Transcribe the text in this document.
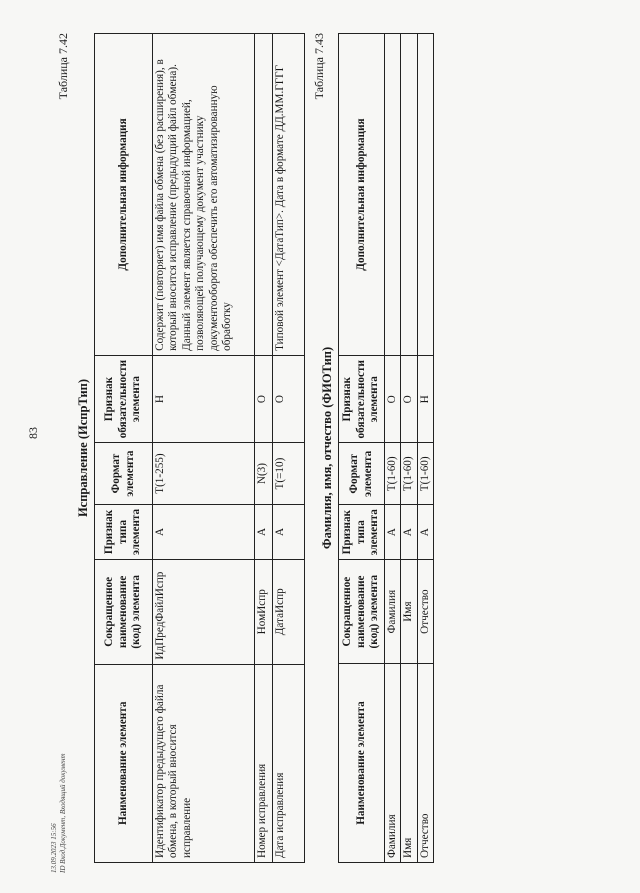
13.09.2023 15:56 ID Вход.Документ, Входящий документ
83
Таблица 7.42
Исправление (ИспрТип)
Наименование элемента	Сокращенное наименование (код) элемента	Признак типа элемента	Формат элемента	Признак обязательности элемента	Дополнительная информация
Идентификатор предыдущего файла обмена, в который вносится исправление	ИдПредФайлИспр	А	Т(1-255)	Н	Содержит (повторяет) имя файла обмена (без расширения), в который вносится исправление (предыдущий файл обмена). Данный элемент является справочной информацией, позволяющей получающему документ участнику документооборота обеспечить его автоматизированную обработку
Номер исправления	НомИспр	А	N(3)	О	
Дата исправления	ДатаИспр	А	Т(=10)	О	Типовой элемент <ДатаТип>. Дата в формате ДД.ММ.ГГГГ Таблица 7.43
Фамилия, имя, отчество (ФИОТип)
Наименование элемента	Сокращенное наименование (код) элемента	Признак типа элемента	Формат элемента	Признак обязательности элемента	Дополнительная информация
Фамилия	Фамилия	А	Т(1-60)	О	
Имя	Имя	А	Т(1-60)	О	
Отчество	Отчество	А	Т(1-60)	Н	
